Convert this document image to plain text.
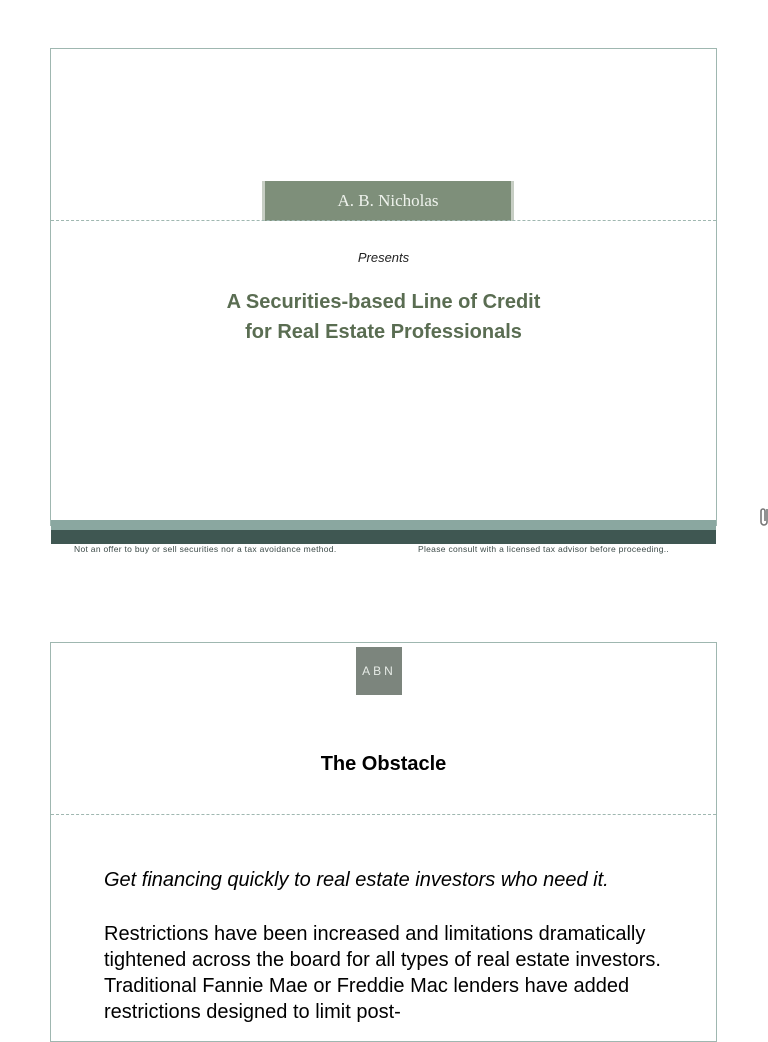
A. B. Nicholas
Presents
A Securities-based Line of Credit
for Real Estate Professionals
Not an offer to buy or sell securities nor a tax avoidance method.	Please consult with a licensed tax advisor before proceeding..
ABN
The Obstacle
Get financing quickly to real estate investors who need it.
Restrictions have been increased and limitations dramatically tightened across the board for all types of real estate investors. Traditional Fannie Mae or Freddie Mac lenders have added restrictions designed to limit post-
